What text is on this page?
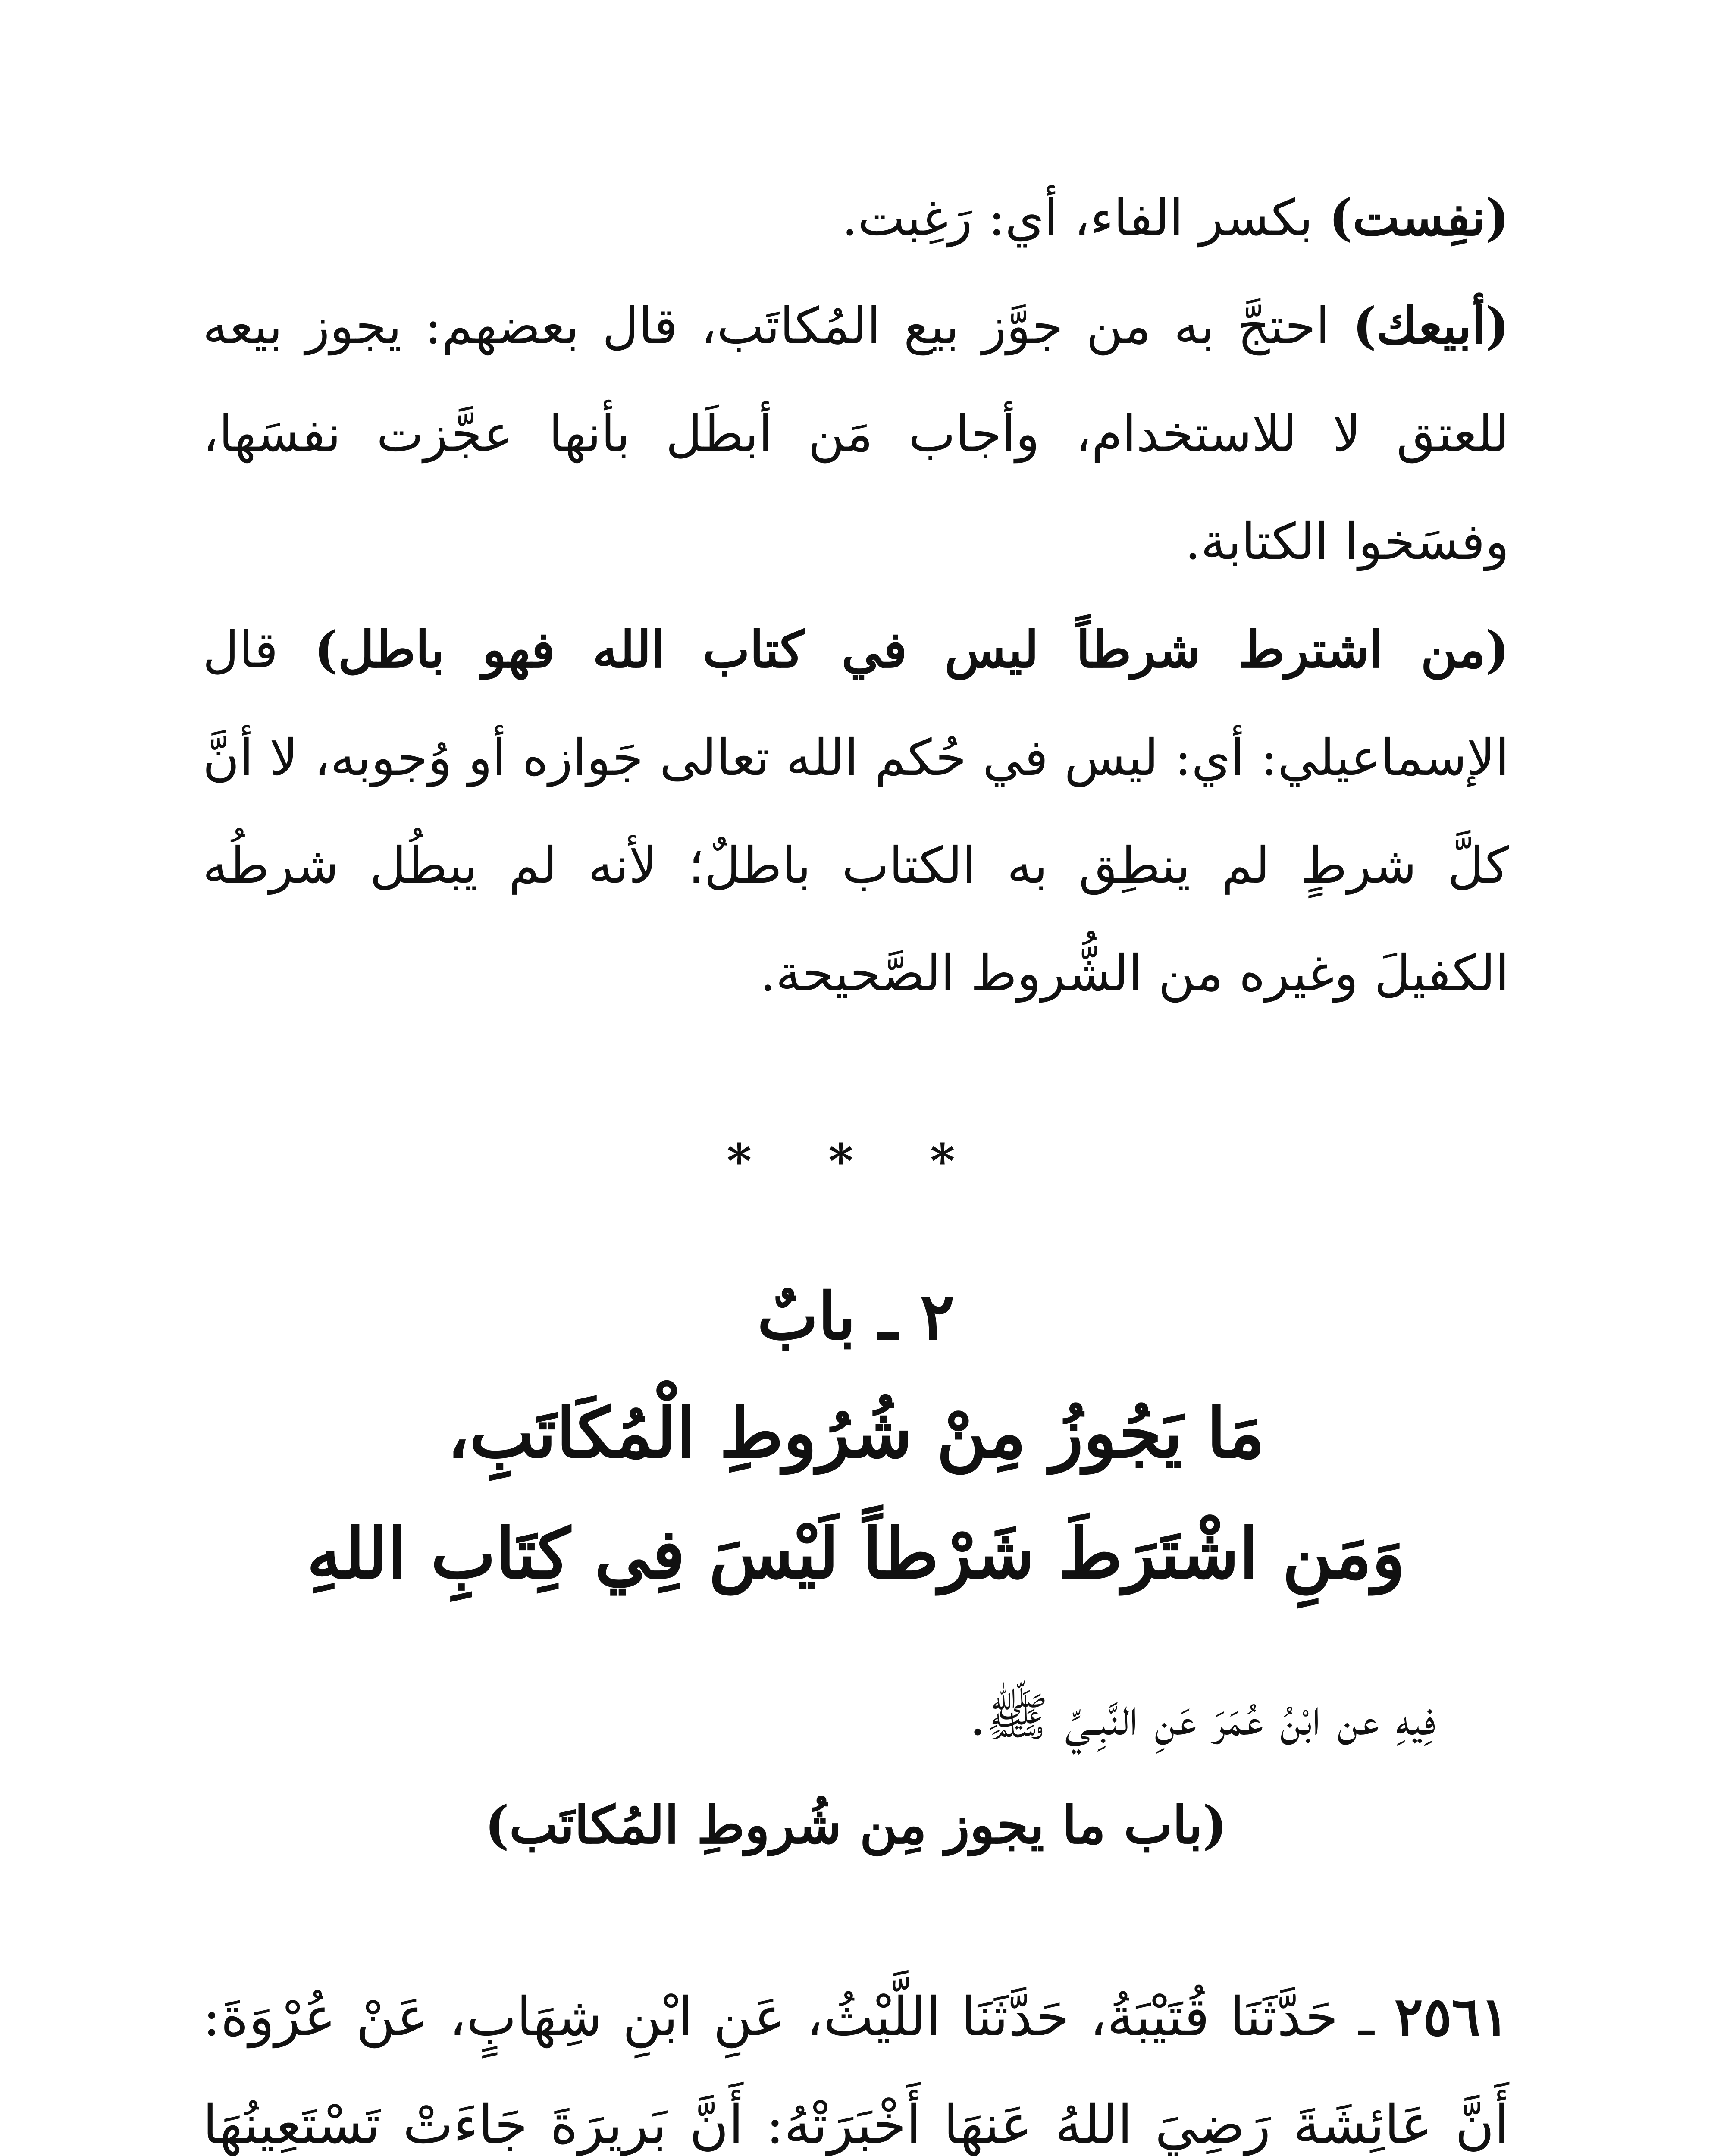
(نفِست) بكسر الفاء، أي: رَغِبت.

(أبيعك) احتجَّ به من جوَّز بيع المُكاتَب، قال بعضهم: يجوز بيعه للعتق لا للاستخدام، وأجاب مَن أبطَل بأنها عجَّزت نفسَها، وفسَخوا الكتابة.

(من اشترط شرطاً ليس في كتاب الله فهو باطل) قال الإسماعيلي: أي: ليس في حُكم الله تعالى جَوازه أو وُجوبه، لا أنَّ كلَّ شرطٍ لم ينطِق به الكتاب باطلٌ؛ لأنه لم يبطُل شرطُه الكفيلَ وغيره من الشُّروط الصَّحيحة.

* * *
٢ ـ بابٌ
مَا يَجُوزُ مِنْ شُرُوطِ الْمُكَاتَبِ،
وَمَنِ اشْتَرَطَ شَرْطاً لَيْسَ فِي كِتَابِ اللهِ
فِيهِ عن ابْنُ عُمَرَ عَنِ النَّبِـيِّ ﷺ.
(باب ما يجوز مِن شُروطِ المُكاتَب)

٢٥٦١ ـ حَدَّثَنَا قُتَيْبَةُ، حَدَّثَنَا اللَّيْثُ، عَنِ ابْنِ شِهَابٍ، عَنْ عُرْوَةَ: أَنَّ عَائِشَةَ رَضِيَ اللهُ عَنهَا أَخْبَرَتْهُ: أَنَّ بَرِيرَةَ جَاءَتْ تَسْتَعِينُهَا
